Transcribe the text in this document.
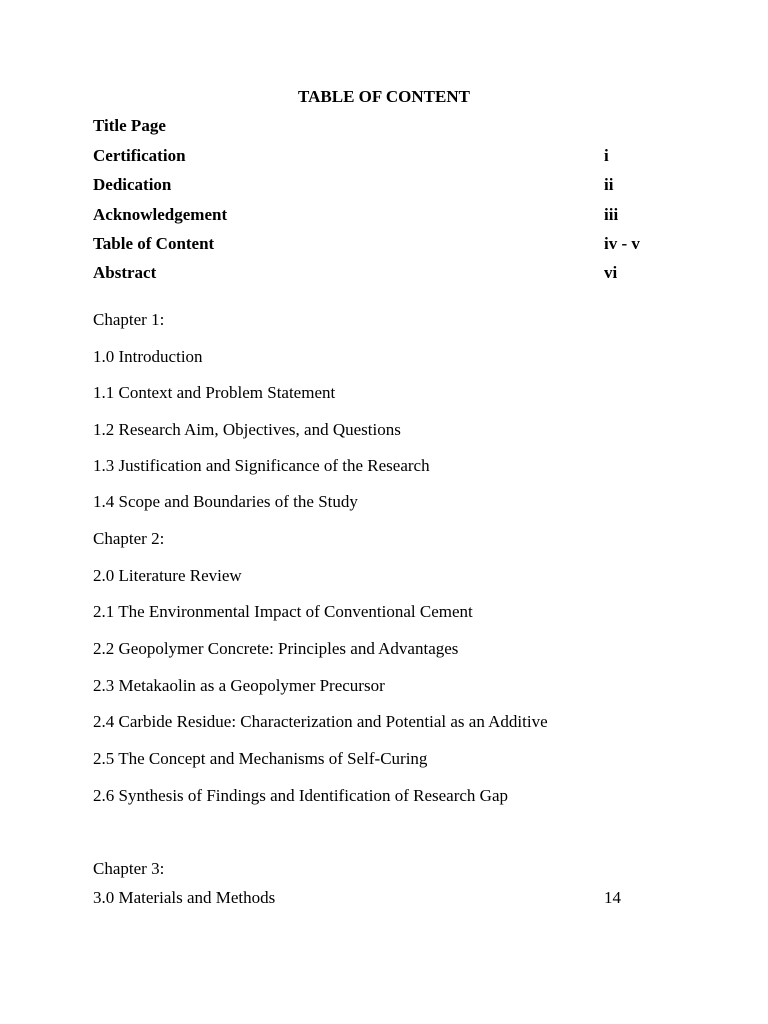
TABLE OF CONTENT
Title Page
Certification	i
Dedication	ii
Acknowledgement	iii
Table of Content	iv - v
Abstract	vi
Chapter 1:
1.0 Introduction
1.1 Context and Problem Statement
1.2 Research Aim, Objectives, and Questions
1.3 Justification and Significance of the Research
1.4 Scope and Boundaries of the Study
Chapter 2:
2.0 Literature Review
2.1 The Environmental Impact of Conventional Cement
2.2 Geopolymer Concrete: Principles and Advantages
2.3 Metakaolin as a Geopolymer Precursor
2.4 Carbide Residue: Characterization and Potential as an Additive
2.5 The Concept and Mechanisms of Self-Curing
2.6 Synthesis of Findings and Identification of Research Gap
Chapter 3:
3.0 Materials and Methods	14
